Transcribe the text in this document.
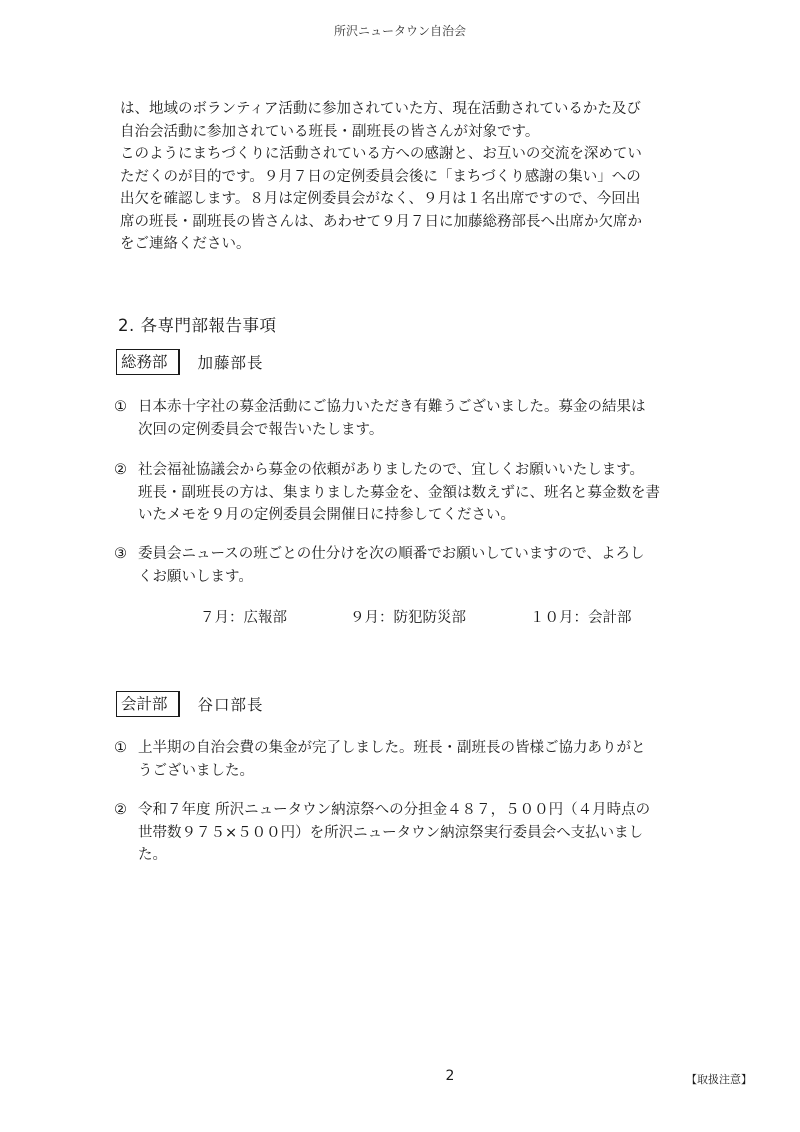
所沢ニュータウン自治会

は、地域のボランティア活動に参加されていた方、現在活動されているかた及び

自治会活動に参加されている班長・副班長の皆さんが対象です。

このようにまちづくりに活動されている方への感謝と、お互いの交流を深めてい

ただくのが目的です。９月７日の定例委員会後に「まちづくり感謝の集い」への

出欠を確認します。８月は定例委員会がなく、９月は１名出席ですので、今回出

席の班長・副班長の皆さんは、あわせて９月７日に加藤総務部長へ出席か欠席か

をご連絡ください。

2. 各専門部報告事項
総務部	加藤部長
① 日本赤十字社の募金活動にご協力いただき有難うございました。募金の結果は
次回の定例委員会で報告いたします。
② 社会福祉協議会から募金の依頼がありましたので、宜しくお願いいたします。
班長・副班長の方は、集まりました募金を、金額は数えずに、班名と募金数を書
いたメモを９月の定例委員会開催日に持参してください。
③ 委員会ニュースの班ごとの仕分けを次の順番でお願いしていますので、よろし
くお願いします。
７月：広報部	９月：防犯防災部	１０月：会計部
会計部	谷口部長
① 上半期の自治会費の集金が完了しました。班長・副班長の皆様ご協力ありがと
うございました。
② 令和７年度 所沢ニュータウン納涼祭への分担金４８７，５００円（４月時点の
世帯数９７５×５００円）を所沢ニュータウン納涼祭実行委員会へ支払いまし
た。
2	【取扱注意】
